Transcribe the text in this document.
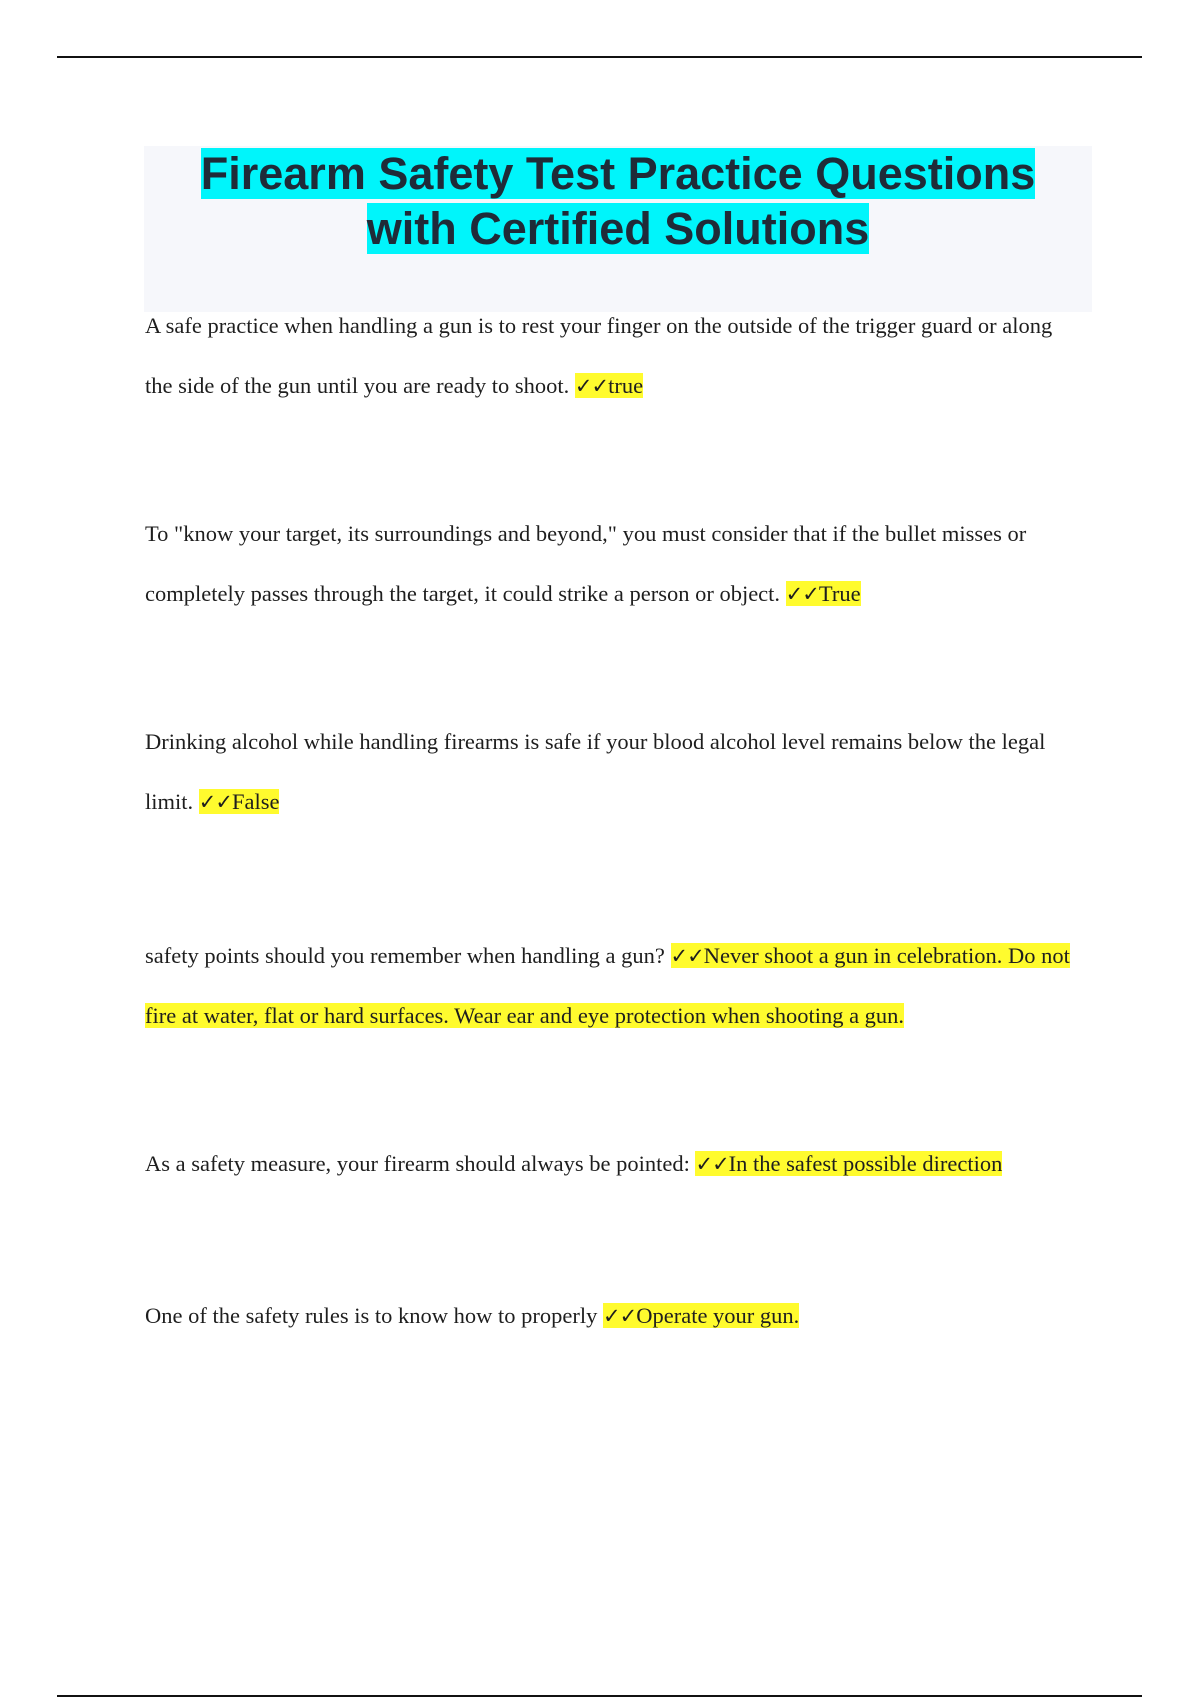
Firearm Safety Test Practice Questions
with Certified Solutions

A safe practice when handling a gun is to rest your finger on the outside of the trigger guard or along the side of the gun until you are ready to shoot. ✓✓true

To "know your target, its surroundings and beyond," you must consider that if the bullet misses or completely passes through the target, it could strike a person or object. ✓✓True

Drinking alcohol while handling firearms is safe if your blood alcohol level remains below the legal limit. ✓✓False

safety points should you remember when handling a gun? ✓✓Never shoot a gun in celebration. Do not fire at water, flat or hard surfaces. Wear ear and eye protection when shooting a gun.

As a safety measure, your firearm should always be pointed: ✓✓In the safest possible direction

One of the safety rules is to know how to properly ✓✓Operate your gun.
